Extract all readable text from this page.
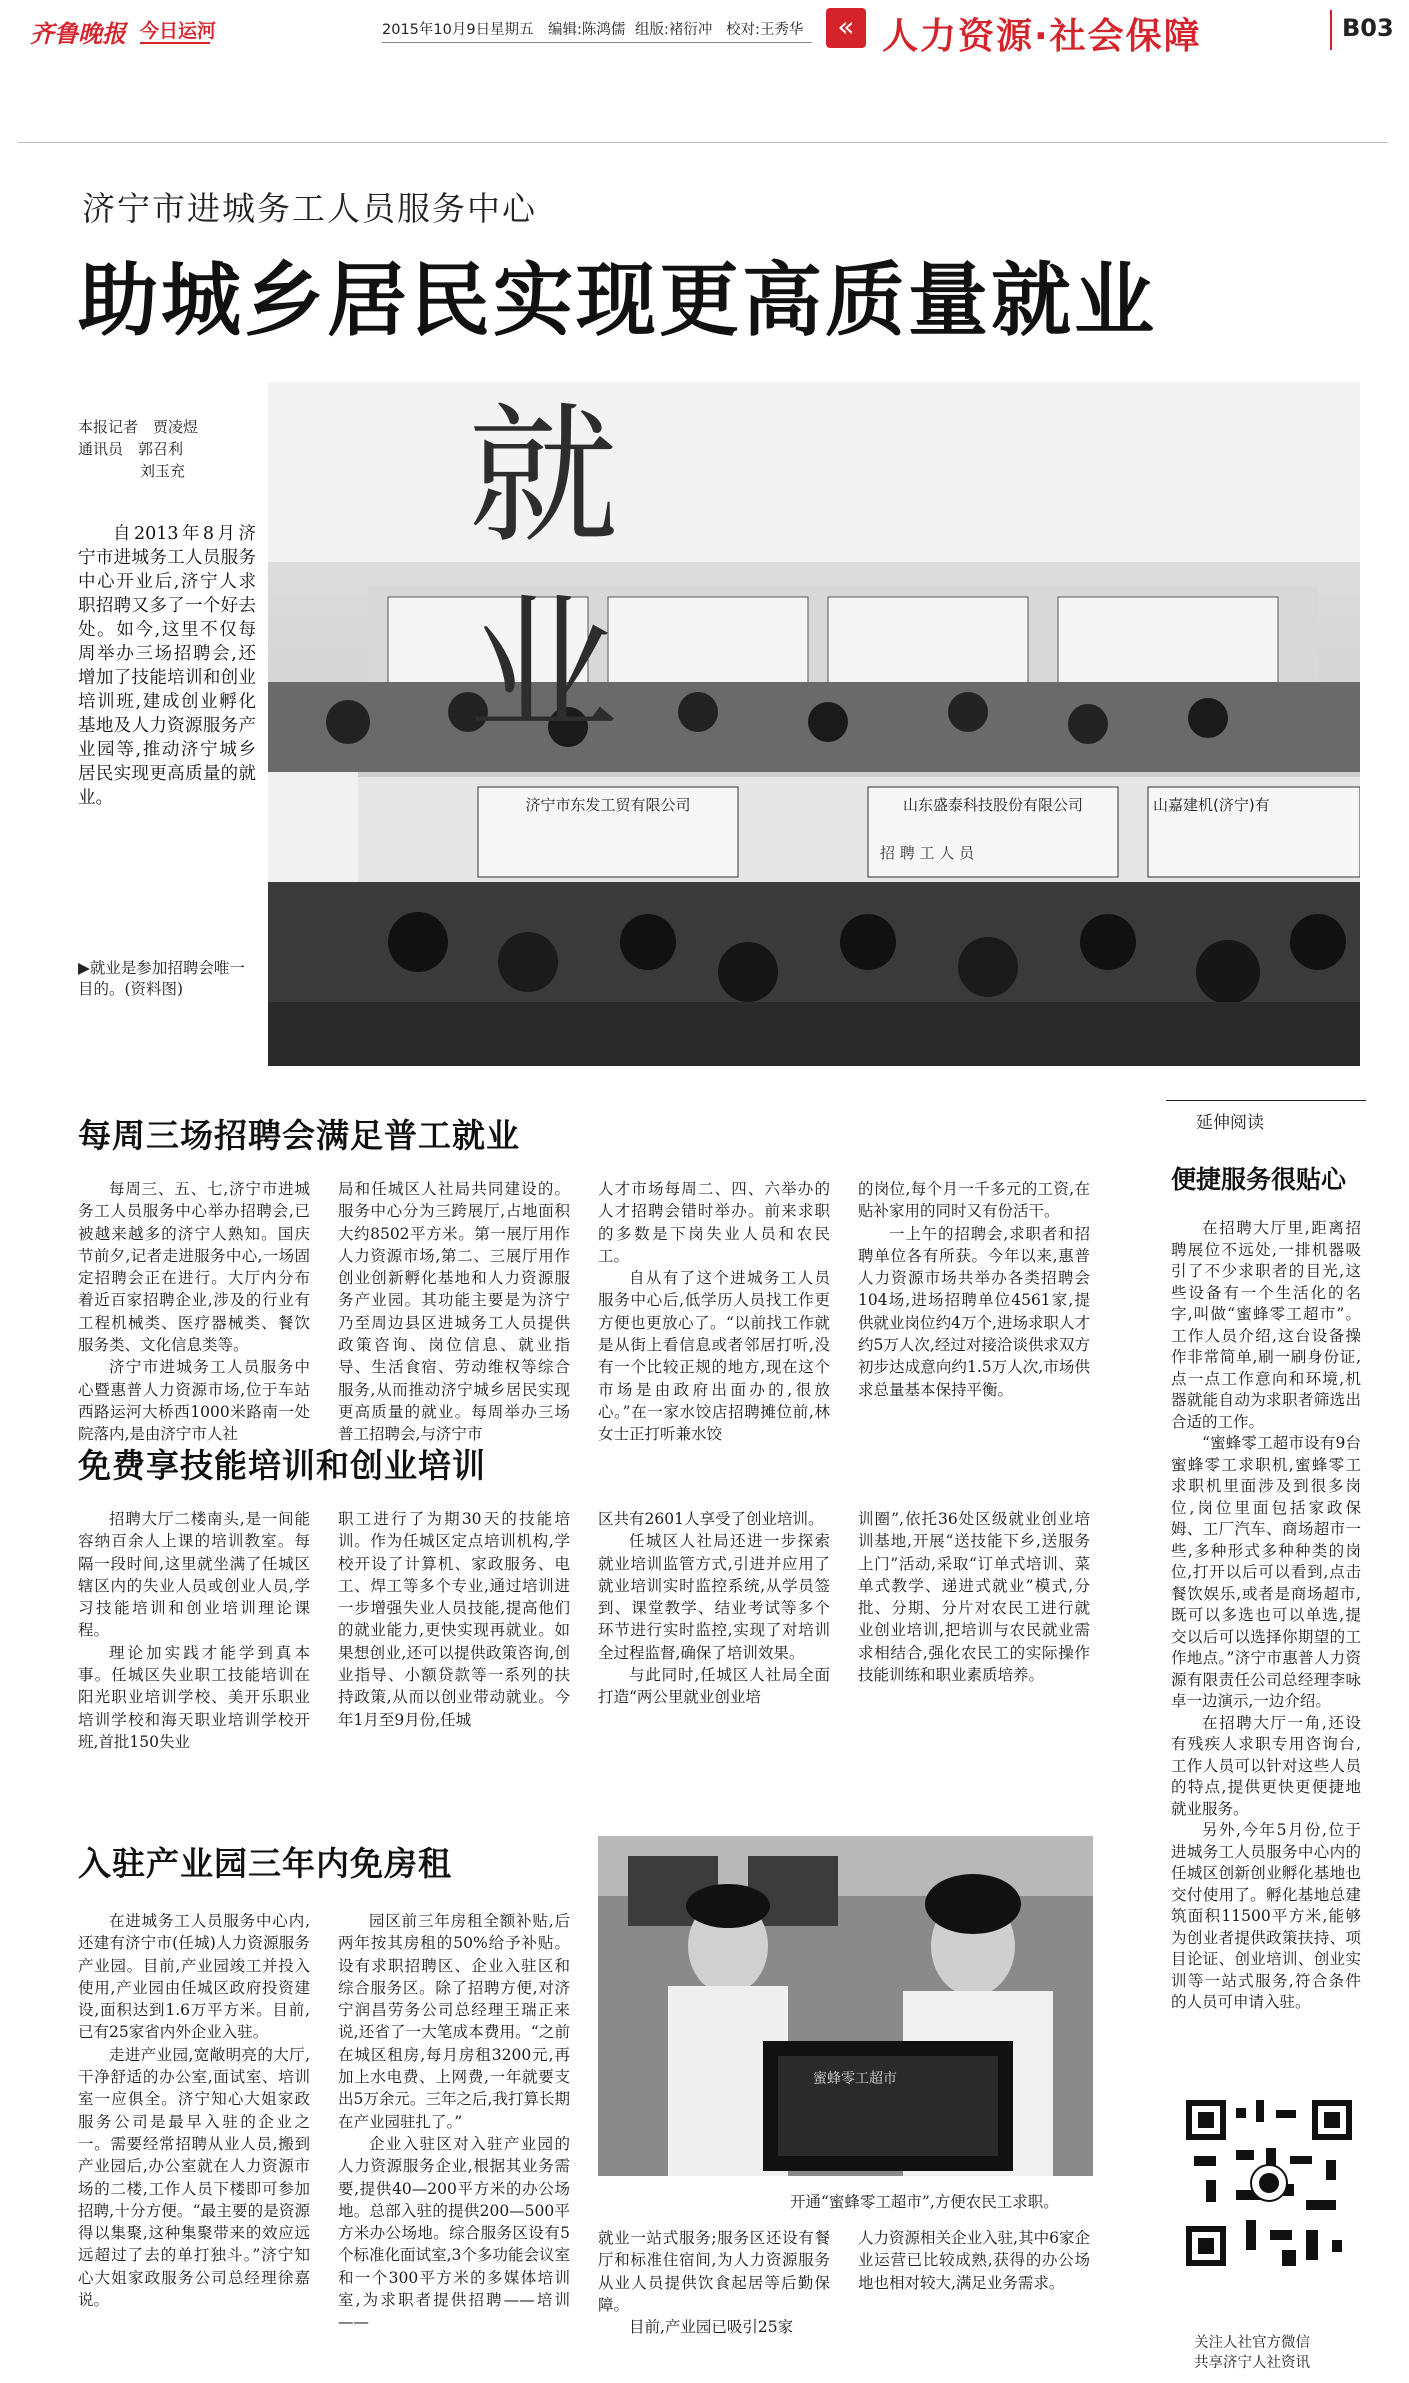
齐鲁晚报 今日运河	2015年10月9日 星期五 编辑:陈鸿儒 组版:褚衍冲 校对:王秀华	« 人力资源·社会保障	B03
济宁市进城务工人员服务中心
助城乡居民实现更高质量就业
本报记者　贾凌煜
通讯员　郭召利
刘玉充
自2013年8月济宁市进城务工人员服务中心开业后,济宁人求职招聘又多了一个好去处。如今,这里不仅每周举办三场招聘会,还增加了技能培训和创业培训班,建成创业孵化基地及人力资源服务产业园等,推动济宁城乡居民实现更高质量的就业。
就业
济宁市东发工贸有限公司	山东盛泰科技股份有限公司	山嘉建机(济宁)有
招 聘 工 人 员
▶就业是参加招聘会唯一目的。(资料图)
每周三场招聘会满足普工就业

每周三、五、七,济宁市进城务工人员服务中心举办招聘会,已被越来越多的济宁人熟知。国庆节前夕,记者走进服务中心,一场固定招聘会正在进行。大厅内分布着近百家招聘企业,涉及的行业有工程机械类、医疗器械类、餐饮服务类、文化信息类等。

济宁市进城务工人员服务中心暨惠普人力资源市场,位于车站西路运河大桥西1000米路南一处院落内,是由济宁市人社

局和任城区人社局共同建设的。服务中心分为三跨展厅,占地面积大约8502平方米。第一展厅用作人力资源市场,第二、三展厅用作创业创新孵化基地和人力资源服务产业园。其功能主要是为济宁乃至周边县区进城务工人员提供政策咨询、岗位信息、就业指导、生活食宿、劳动维权等综合服务,从而推动济宁城乡居民实现更高质量的就业。每周举办三场普工招聘会,与济宁市

人才市场每周二、四、六举办的人才招聘会错时举办。前来求职的多数是下岗失业人员和农民工。

自从有了这个进城务工人员服务中心后,低学历人员找工作更方便也更放心了。“以前找工作就是从街上看信息或者邻居打听,没有一个比较正规的地方,现在这个市场是由政府出面办的,很放心。”在一家水饺店招聘摊位前,林女士正打听兼水饺

的岗位,每个月一千多元的工资,在贴补家用的同时又有份活干。

一上午的招聘会,求职者和招聘单位各有所获。今年以来,惠普人力资源市场共举办各类招聘会104场,进场招聘单位4561家,提供就业岗位约4万个,进场求职人才约5万人次,经过对接洽谈供求双方初步达成意向约1.5万人次,市场供求总量基本保持平衡。

免费享技能培训和创业培训

招聘大厅二楼南头,是一间能容纳百余人上课的培训教室。每隔一段时间,这里就坐满了任城区辖区内的失业人员或创业人员,学习技能培训和创业培训理论课程。

理论加实践才能学到真本事。任城区失业职工技能培训在阳光职业培训学校、美开乐职业培训学校和海天职业培训学校开班,首批150失业

职工进行了为期30天的技能培训。作为任城区定点培训机构,学校开设了计算机、家政服务、电工、焊工等多个专业,通过培训进一步增强失业人员技能,提高他们的就业能力,更快实现再就业。如果想创业,还可以提供政策咨询,创业指导、小额贷款等一系列的扶持政策,从而以创业带动就业。今年1月至9月份,任城

区共有2601人享受了创业培训。

任城区人社局还进一步探索就业培训监管方式,引进并应用了就业培训实时监控系统,从学员签到、课堂教学、结业考试等多个环节进行实时监控,实现了对培训全过程监督,确保了培训效果。

与此同时,任城区人社局全面打造“两公里就业创业培

训圈”,依托36处区级就业创业培训基地,开展“送技能下乡,送服务上门”活动,采取“订单式培训、菜单式教学、递进式就业”模式,分批、分期、分片对农民工进行就业创业培训,把培训与农民就业需求相结合,强化农民工的实际操作技能训练和职业素质培养。

入驻产业园三年内免房租

在进城务工人员服务中心内,还建有济宁市(任城)人力资源服务产业园。目前,产业园竣工并投入使用,产业园由任城区政府投资建设,面积达到1.6万平方米。目前,已有25家省内外企业入驻。

走进产业园,宽敞明亮的大厅,干净舒适的办公室,面试室、培训室一应俱全。济宁知心大姐家政服务公司是最早入驻的企业之一。需要经常招聘从业人员,搬到产业园后,办公室就在人力资源市场的二楼,工作人员下楼即可参加招聘,十分方便。“最主要的是资源得以集聚,这种集聚带来的效应远远超过了去的单打独斗。”济宁知心大姐家政服务公司总经理徐嘉说。

园区前三年房租全额补贴,后两年按其房租的50%给予补贴。设有求职招聘区、企业入驻区和综合服务区。除了招聘方便,对济宁润昌劳务公司总经理王瑞正来说,还省了一大笔成本费用。“之前在城区租房,每月房租3200元,再加上水电费、上网费,一年就要支出5万余元。三年之后,我打算长期在产业园驻扎了。”

企业入驻区对入驻产业园的人力资源服务企业,根据其业务需要,提供40—200平方米的办公场地。总部入驻的提供200—500平方米办公场地。综合服务区设有5个标准化面试室,3个多功能会议室和一个300平方米的多媒体培训室,为求职者提供招聘——培训——

蜜蜂零工超市
开通“蜜蜂零工超市”,方便农民工求职。

就业一站式服务;服务区还设有餐厅和标准住宿间,为人力资源服务从业人员提供饮食起居等后勤保障。

目前,产业园已吸引25家

人力资源相关企业入驻,其中6家企业运营已比较成熟,获得的办公场地也相对较大,满足业务需求。

延伸阅读
便捷服务很贴心

在招聘大厅里,距离招聘展位不远处,一排机器吸引了不少求职者的目光,这些设备有一个生活化的名字,叫做“蜜蜂零工超市”。工作人员介绍,这台设备操作非常简单,刷一刷身份证,点一点工作意向和环境,机器就能自动为求职者筛选出合适的工作。

“蜜蜂零工超市设有9台蜜蜂零工求职机,蜜蜂零工求职机里面涉及到很多岗位,岗位里面包括家政保姆、工厂汽车、商场超市一些,多种形式多种种类的岗位,打开以后可以看到,点击餐饮娱乐,或者是商场超市,既可以多选也可以单选,提交以后可以选择你期望的工作地点。”济宁市惠普人力资源有限责任公司总经理李咏卓一边演示,一边介绍。

在招聘大厅一角,还设有残疾人求职专用咨询台,工作人员可以针对这些人员的特点,提供更快更便捷地就业服务。

另外,今年5月份,位于进城务工人员服务中心内的任城区创新创业孵化基地也交付使用了。孵化基地总建筑面积11500平方米,能够为创业者提供政策扶持、项目论证、创业培训、创业实训等一站式服务,符合条件的人员可申请入驻。

关注人社官方微信
共享济宁人社资讯
